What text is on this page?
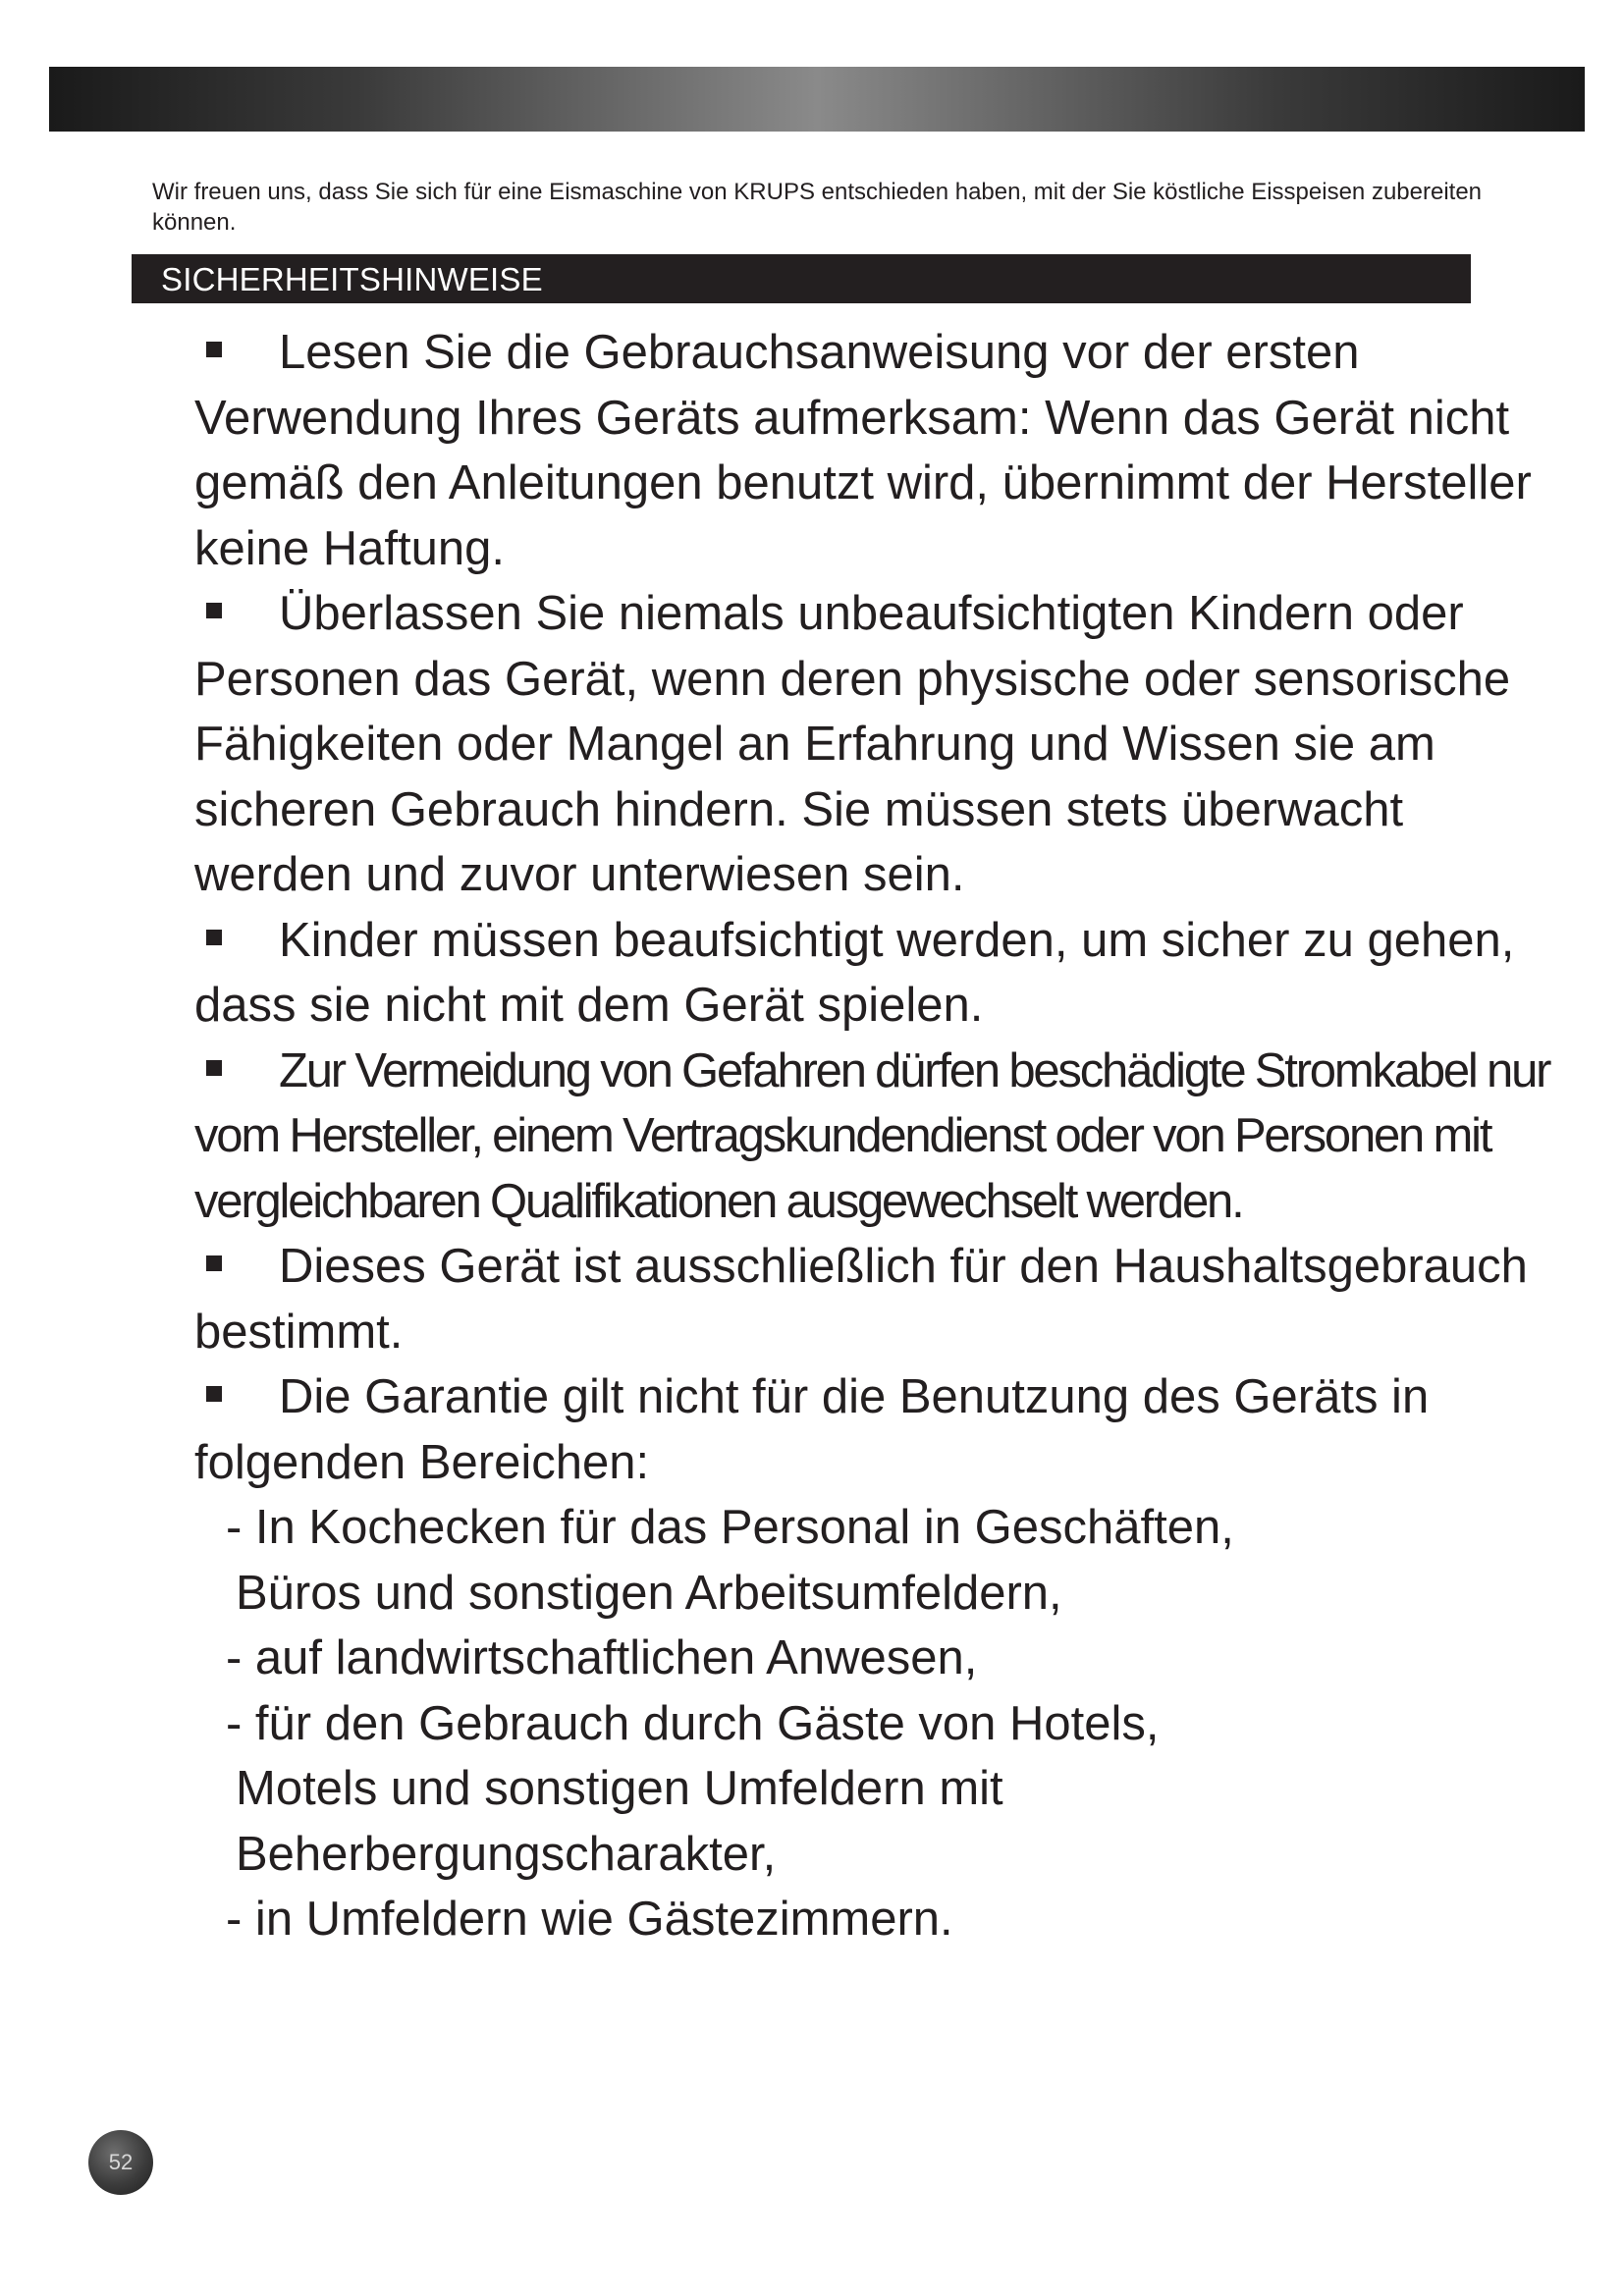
Wir freuen uns, dass Sie sich für eine Eismaschine von KRUPS entschieden haben, mit der Sie köstliche Eisspeisen zubereiten können.
SICHERHEITSHINWEISE

Lesen Sie die Gebrauchsanweisung vor der ersten Verwendung Ihres Geräts aufmerksam: Wenn das Gerät nicht gemäß den Anleitungen benutzt wird, übernimmt der Hersteller keine Haftung.

Überlassen Sie niemals unbeaufsichtigten Kindern oder Personen das Gerät, wenn deren physische oder sensorische Fähigkeiten oder Mangel an Erfahrung und Wissen sie am sicheren Gebrauch hindern. Sie müssen stets überwacht werden und zuvor unterwiesen sein.

Kinder müssen beaufsichtigt werden, um sicher zu gehen, dass sie nicht mit dem Gerät spielen.

Zur Vermeidung von Gefahren dürfen beschädigte Stromkabel nur vom Hersteller, einem Vertragskundendienst oder von Personen mit vergleichbaren Qualifikationen ausgewechselt werden.

Dieses Gerät ist ausschließlich für den Haushaltsgebrauch bestimmt.

Die Garantie gilt nicht für die Benutzung des Geräts in folgenden Bereichen:

- In Kochecken für das Personal in Geschäften,
Büros und sonstigen Arbeitsumfeldern,
- auf landwirtschaftlichen Anwesen,
- für den Gebrauch durch Gäste von Hotels,
Motels und sonstigen Umfeldern mit
Beherbergungscharakter,
- in Umfeldern wie Gästezimmern.
52
